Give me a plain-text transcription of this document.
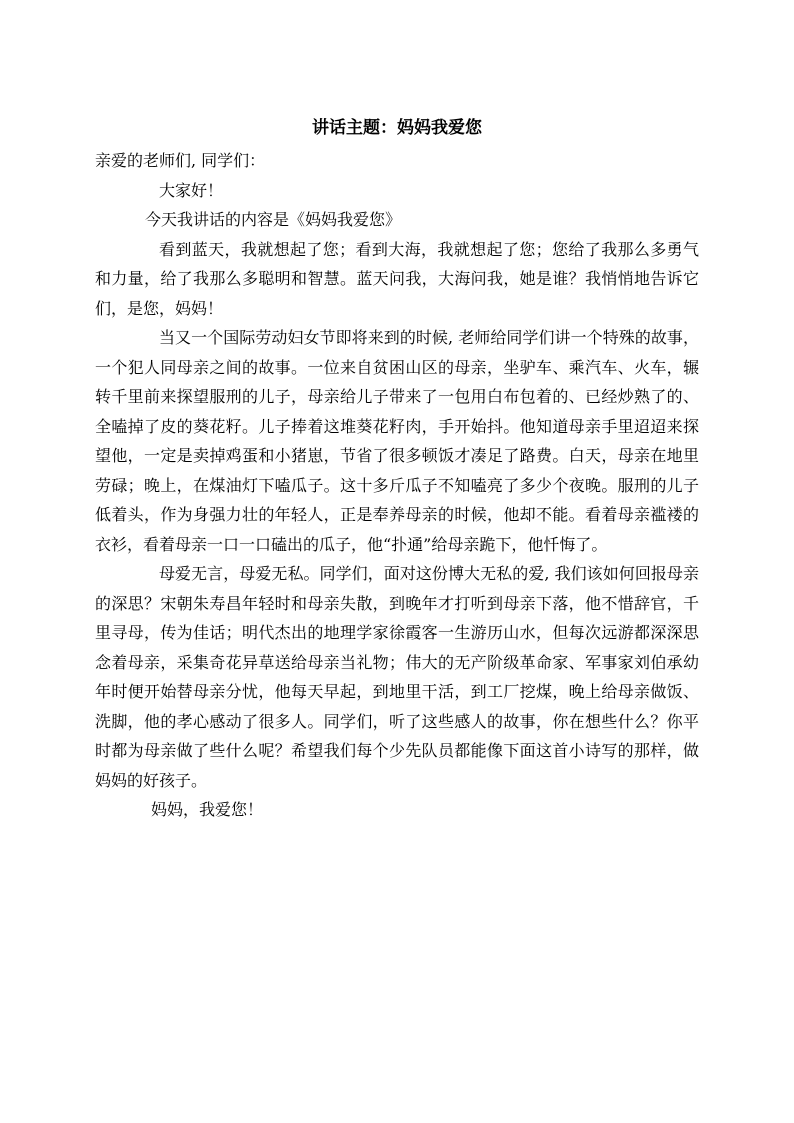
讲话主题：妈妈我爱您

亲爱的老师们, 同学们：

大家好！

今天我讲话的内容是《妈妈我爱您》

看到蓝天，我就想起了您；看到大海，我就想起了您；您给了我那么多勇气和力量，给了我那么多聪明和智慧。蓝天问我，大海问我，她是谁？我悄悄地告诉它们，是您，妈妈！

当又一个国际劳动妇女节即将来到的时候, 老师给同学们讲一个特殊的故事，一个犯人同母亲之间的故事。一位来自贫困山区的母亲，坐驴车、乘汽车、火车，辗转千里前来探望服刑的儿子，母亲给儿子带来了一包用白布包着的、已经炒熟了的、全嗑掉了皮的葵花籽。儿子捧着这堆葵花籽肉，手开始抖。他知道母亲手里迢迢来探望他，一定是卖掉鸡蛋和小猪崽，节省了很多顿饭才凑足了路费。白天，母亲在地里劳碌；晚上，在煤油灯下嗑瓜子。这十多斤瓜子不知嗑亮了多少个夜晚。服刑的儿子低着头，作为身强力壮的年轻人，正是奉养母亲的时候，他却不能。看着母亲褴褛的衣衫，看着母亲一口一口磕出的瓜子，他“扑通”给母亲跪下，他忏悔了。

母爱无言，母爱无私。同学们，面对这份博大无私的爱, 我们该如何回报母亲的深思？宋朝朱寿昌年轻时和母亲失散，到晚年才打听到母亲下落，他不惜辞官，千里寻母，传为佳话；明代杰出的地理学家徐霞客一生游历山水，但每次远游都深深思念着母亲，采集奇花异草送给母亲当礼物；伟大的无产阶级革命家、军事家刘伯承幼年时便开始替母亲分忧，他每天早起，到地里干活，到工厂挖煤，晚上给母亲做饭、洗脚，他的孝心感动了很多人。同学们，听了这些感人的故事，你在想些什么？你平时都为母亲做了些什么呢？希望我们每个少先队员都能像下面这首小诗写的那样，做妈妈的好孩子。

妈妈，我爱您！
